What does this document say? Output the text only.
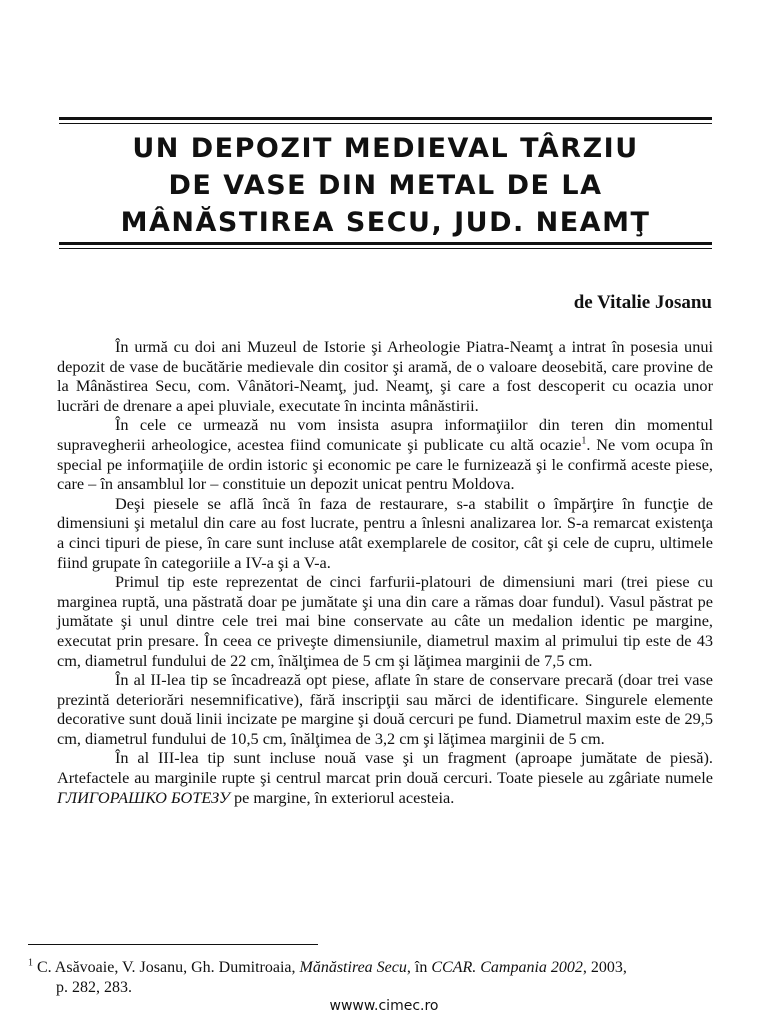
UN DEPOZIT MEDIEVAL TÂRZIU
DE VASE DIN METAL DE LA
MÂNĂSTIREA SECU, JUD. NEAMŢ
de Vitalie Josanu

În urmă cu doi ani Muzeul de Istorie şi Arheologie Piatra-Neamţ a intrat în posesia unui depozit de vase de bucătărie medievale din cositor şi aramă, de o valoare deosebită, care provine de la Mânăstirea Secu, com. Vânători-Neamţ, jud. Neamţ, şi care a fost descoperit cu ocazia unor lucrări de drenare a apei pluviale, executate în incinta mânăstirii.

În cele ce urmează nu vom insista asupra informaţiilor din teren din momentul supravegherii arheologice, acestea fiind comunicate şi publicate cu altă ocazie$^1$. Ne vom ocupa în special pe informaţiile de ordin istoric şi economic pe care le furnizează şi le confirmă aceste piese, care – în ansamblul lor – constituie un depozit unicat pentru Moldova.

Deşi piesele se află încă în faza de restaurare, s-a stabilit o împărţire în funcţie de dimensiuni şi metalul din care au fost lucrate, pentru a înlesni analizarea lor. S-a remarcat existenţa a cinci tipuri de piese, în care sunt incluse atât exemplarele de cositor, cât şi cele de cupru, ultimele fiind grupate în categoriile a IV-a şi a V-a.

Primul tip este reprezentat de cinci farfurii-platouri de dimensiuni mari (trei piese cu marginea ruptă, una păstrată doar pe jumătate şi una din care a rămas doar fundul). Vasul păstrat pe jumătate şi unul dintre cele trei mai bine conservate au câte un medalion identic pe margine, executat prin presare. În ceea ce priveşte dimensiunile, diametrul maxim al primului tip este de 43 cm, diametrul fundului de 22 cm, înălţimea de 5 cm şi lăţimea marginii de 7,5 cm.

În al II-lea tip se încadrează opt piese, aflate în stare de conservare precară (doar trei vase prezintă deteriorări nesemnificative), fără inscripţii sau mărci de identificare. Singurele elemente decorative sunt două linii incizate pe margine şi două cercuri pe fund. Diametrul maxim este de 29,5 cm, diametrul fundului de 10,5 cm, înălţimea de 3,2 cm şi lăţimea marginii de 5 cm.

În al III-lea tip sunt incluse nouă vase şi un fragment (aproape jumătate de piesă). Artefactele au marginile rupte şi centrul marcat prin două cercuri. Toate piesele au zgâriate numele ГЛИГОРАШКО БОТЕЗУ pe margine, în exteriorul acesteia.

$^1$ C. Asăvoaie, V. Josanu, Gh. Dumitroaia, Mănăstirea Secu, în CCAR. Campania 2002, 2003,
p. 282, 283.
wwww.cimec.ro
